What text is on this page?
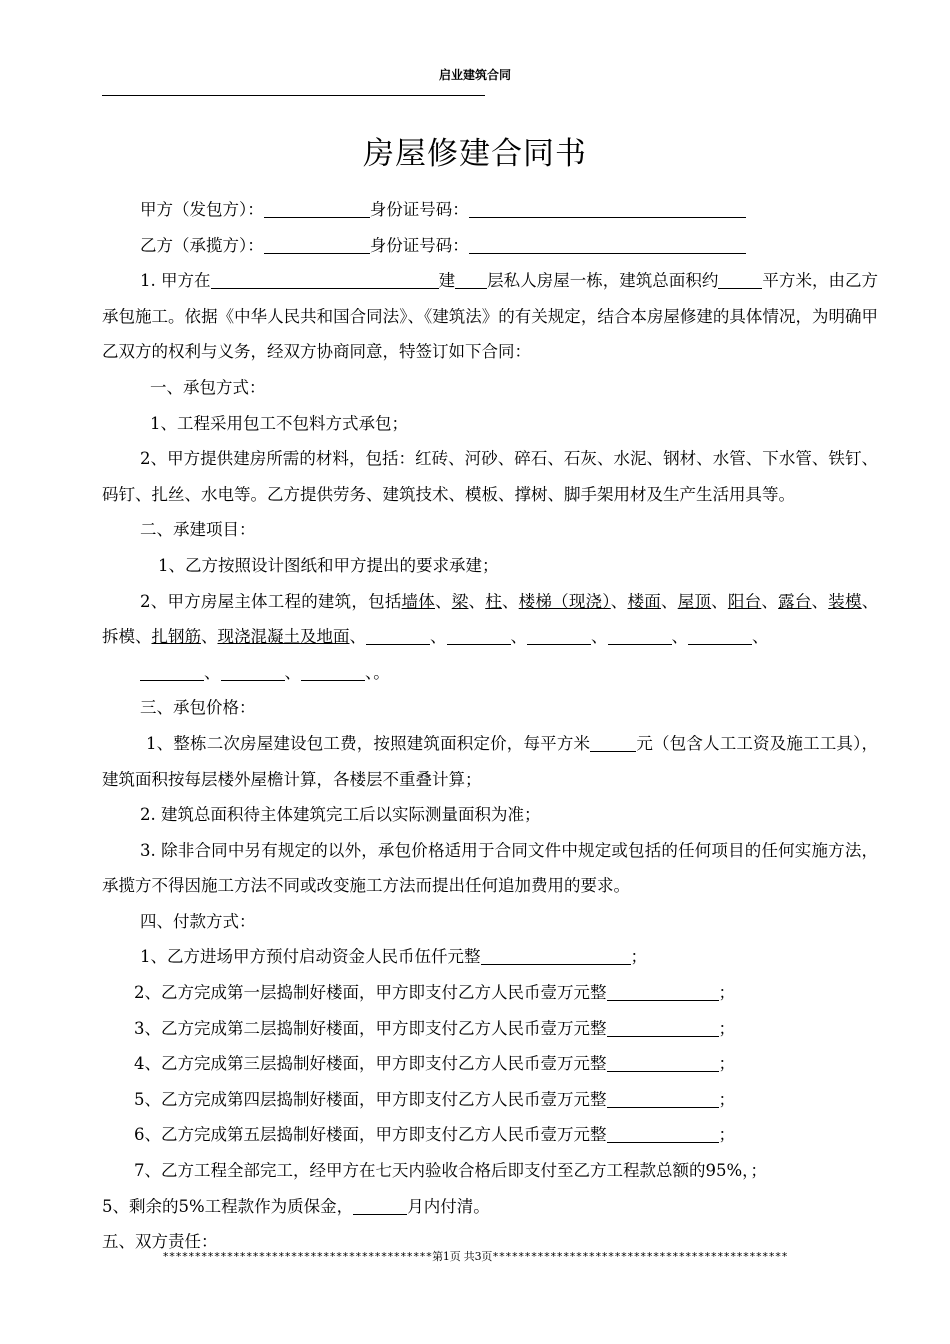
启业建筑合同
房屋修建合同书

甲方（发包方）：	身份证号码：

乙方（承揽方）：	身份证号码：

1. 甲方在	建 层私人房屋一栋，建筑总面积约	平方米，由乙方承包施工。依据《中华人民共和国合同法》、《建筑法》的有关规定，结合本房屋修建的具体情况，为明确甲乙双方的权利与义务，经双方协商同意，特签订如下合同：

一、承包方式：

1、工程采用包工不包料方式承包；

2、甲方提供建房所需的材料，包括：红砖、河砂、碎石、石灰、水泥、钢材、水管、下水管、铁钉、码钉、扎丝、水电等。乙方提供劳务、建筑技术、模板、撑树、脚手架用材及生产生活用具等。

二、承建项目：

1、乙方按照设计图纸和甲方提出的要求承建；

2、甲方房屋主体工程的建筑，包括墙体、梁、柱、楼梯（现浇）、楼面、屋顶、阳台、露台、装模、拆模、扎钢筋、现浇混凝土及地面、	、	、	、	、	、
、	、	、。

三、承包价格：

1、整栋二次房屋建设包工费，按照建筑面积定价，每平方米	元（包含人工工资及施工工具），建筑面积按每层楼外屋檐计算，各楼层不重叠计算；

2. 建筑总面积待主体建筑完工后以实际测量面积为准；

3. 除非合同中另有规定的以外，承包价格适用于合同文件中规定或包括的任何项目的任何实施方法，承揽方不得因施工方法不同或改变施工方法而提出任何追加费用的要求。

四、付款方式：

1、乙方进场甲方预付启动资金人民币伍仟元整	；

2、乙方完成第一层捣制好楼面，甲方即支付乙方人民币壹万元整	；

3、乙方完成第二层捣制好楼面，甲方即支付乙方人民币壹万元整	；

4、乙方完成第三层捣制好楼面，甲方即支付乙方人民币壹万元整	；

5、乙方完成第四层捣制好楼面，甲方即支付乙方人民币壹万元整	；

6、乙方完成第五层捣制好楼面，甲方即支付乙方人民币壹万元整	；

7、乙方工程全部完工，经甲方在七天内验收合格后即支付至乙方工程款总额的95%，；

5、剩余的5%工程款作为质保金，	月内付清。

五、双方责任：

******************************************第1页 共3页**********************************************
